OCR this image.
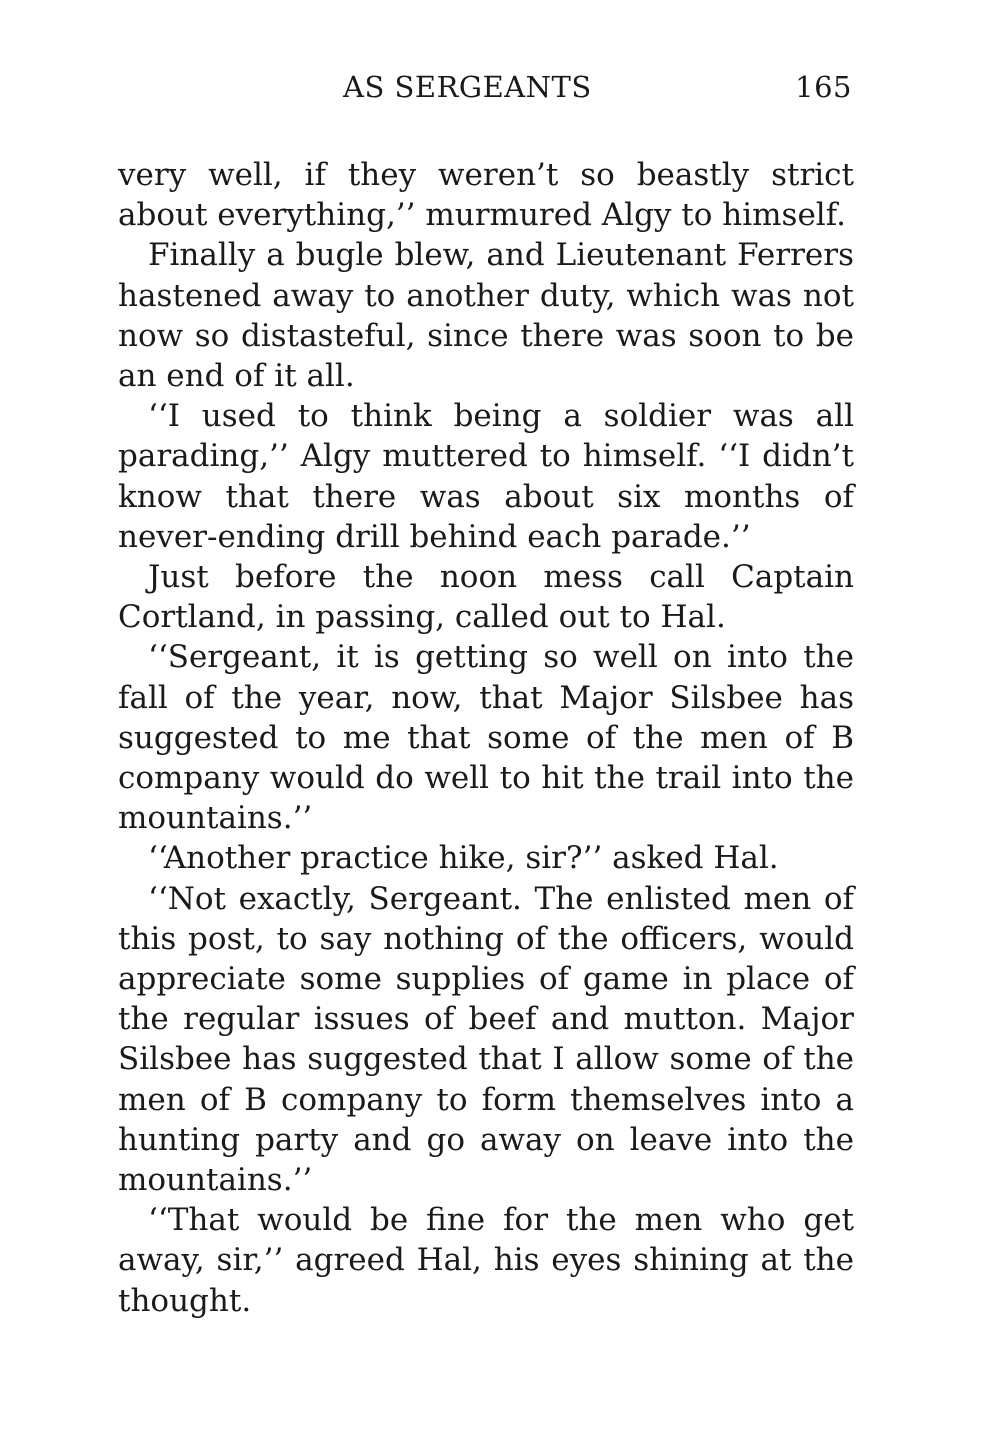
AS SERGEANTS	165

very well, if they weren’t so beastly strict about everything,’’ murmured Algy to himself.

Finally a bugle blew, and Lieutenant Ferrers hastened away to another duty, which was not now so distasteful, since there was soon to be an end of it all.

‘‘I used to think being a soldier was all parading,’’ Algy muttered to himself. ‘‘I didn’t know that there was about six months of never-ending drill behind each parade.’’

Just before the noon mess call Captain Cortland, in passing, called out to Hal.

‘‘Sergeant, it is getting so well on into the fall of the year, now, that Major Silsbee has suggested to me that some of the men of B company would do well to hit the trail into the mountains.’’

‘‘Another practice hike, sir?’’ asked Hal.

‘‘Not exactly, Sergeant. The enlisted men of this post, to say nothing of the officers, would appreciate some supplies of game in place of the regular issues of beef and mutton. Major Silsbee has suggested that I allow some of the men of B company to form themselves into a hunting party and go away on leave into the mountains.’’

‘‘That would be fine for the men who get away, sir,’’ agreed Hal, his eyes shining at the thought.
